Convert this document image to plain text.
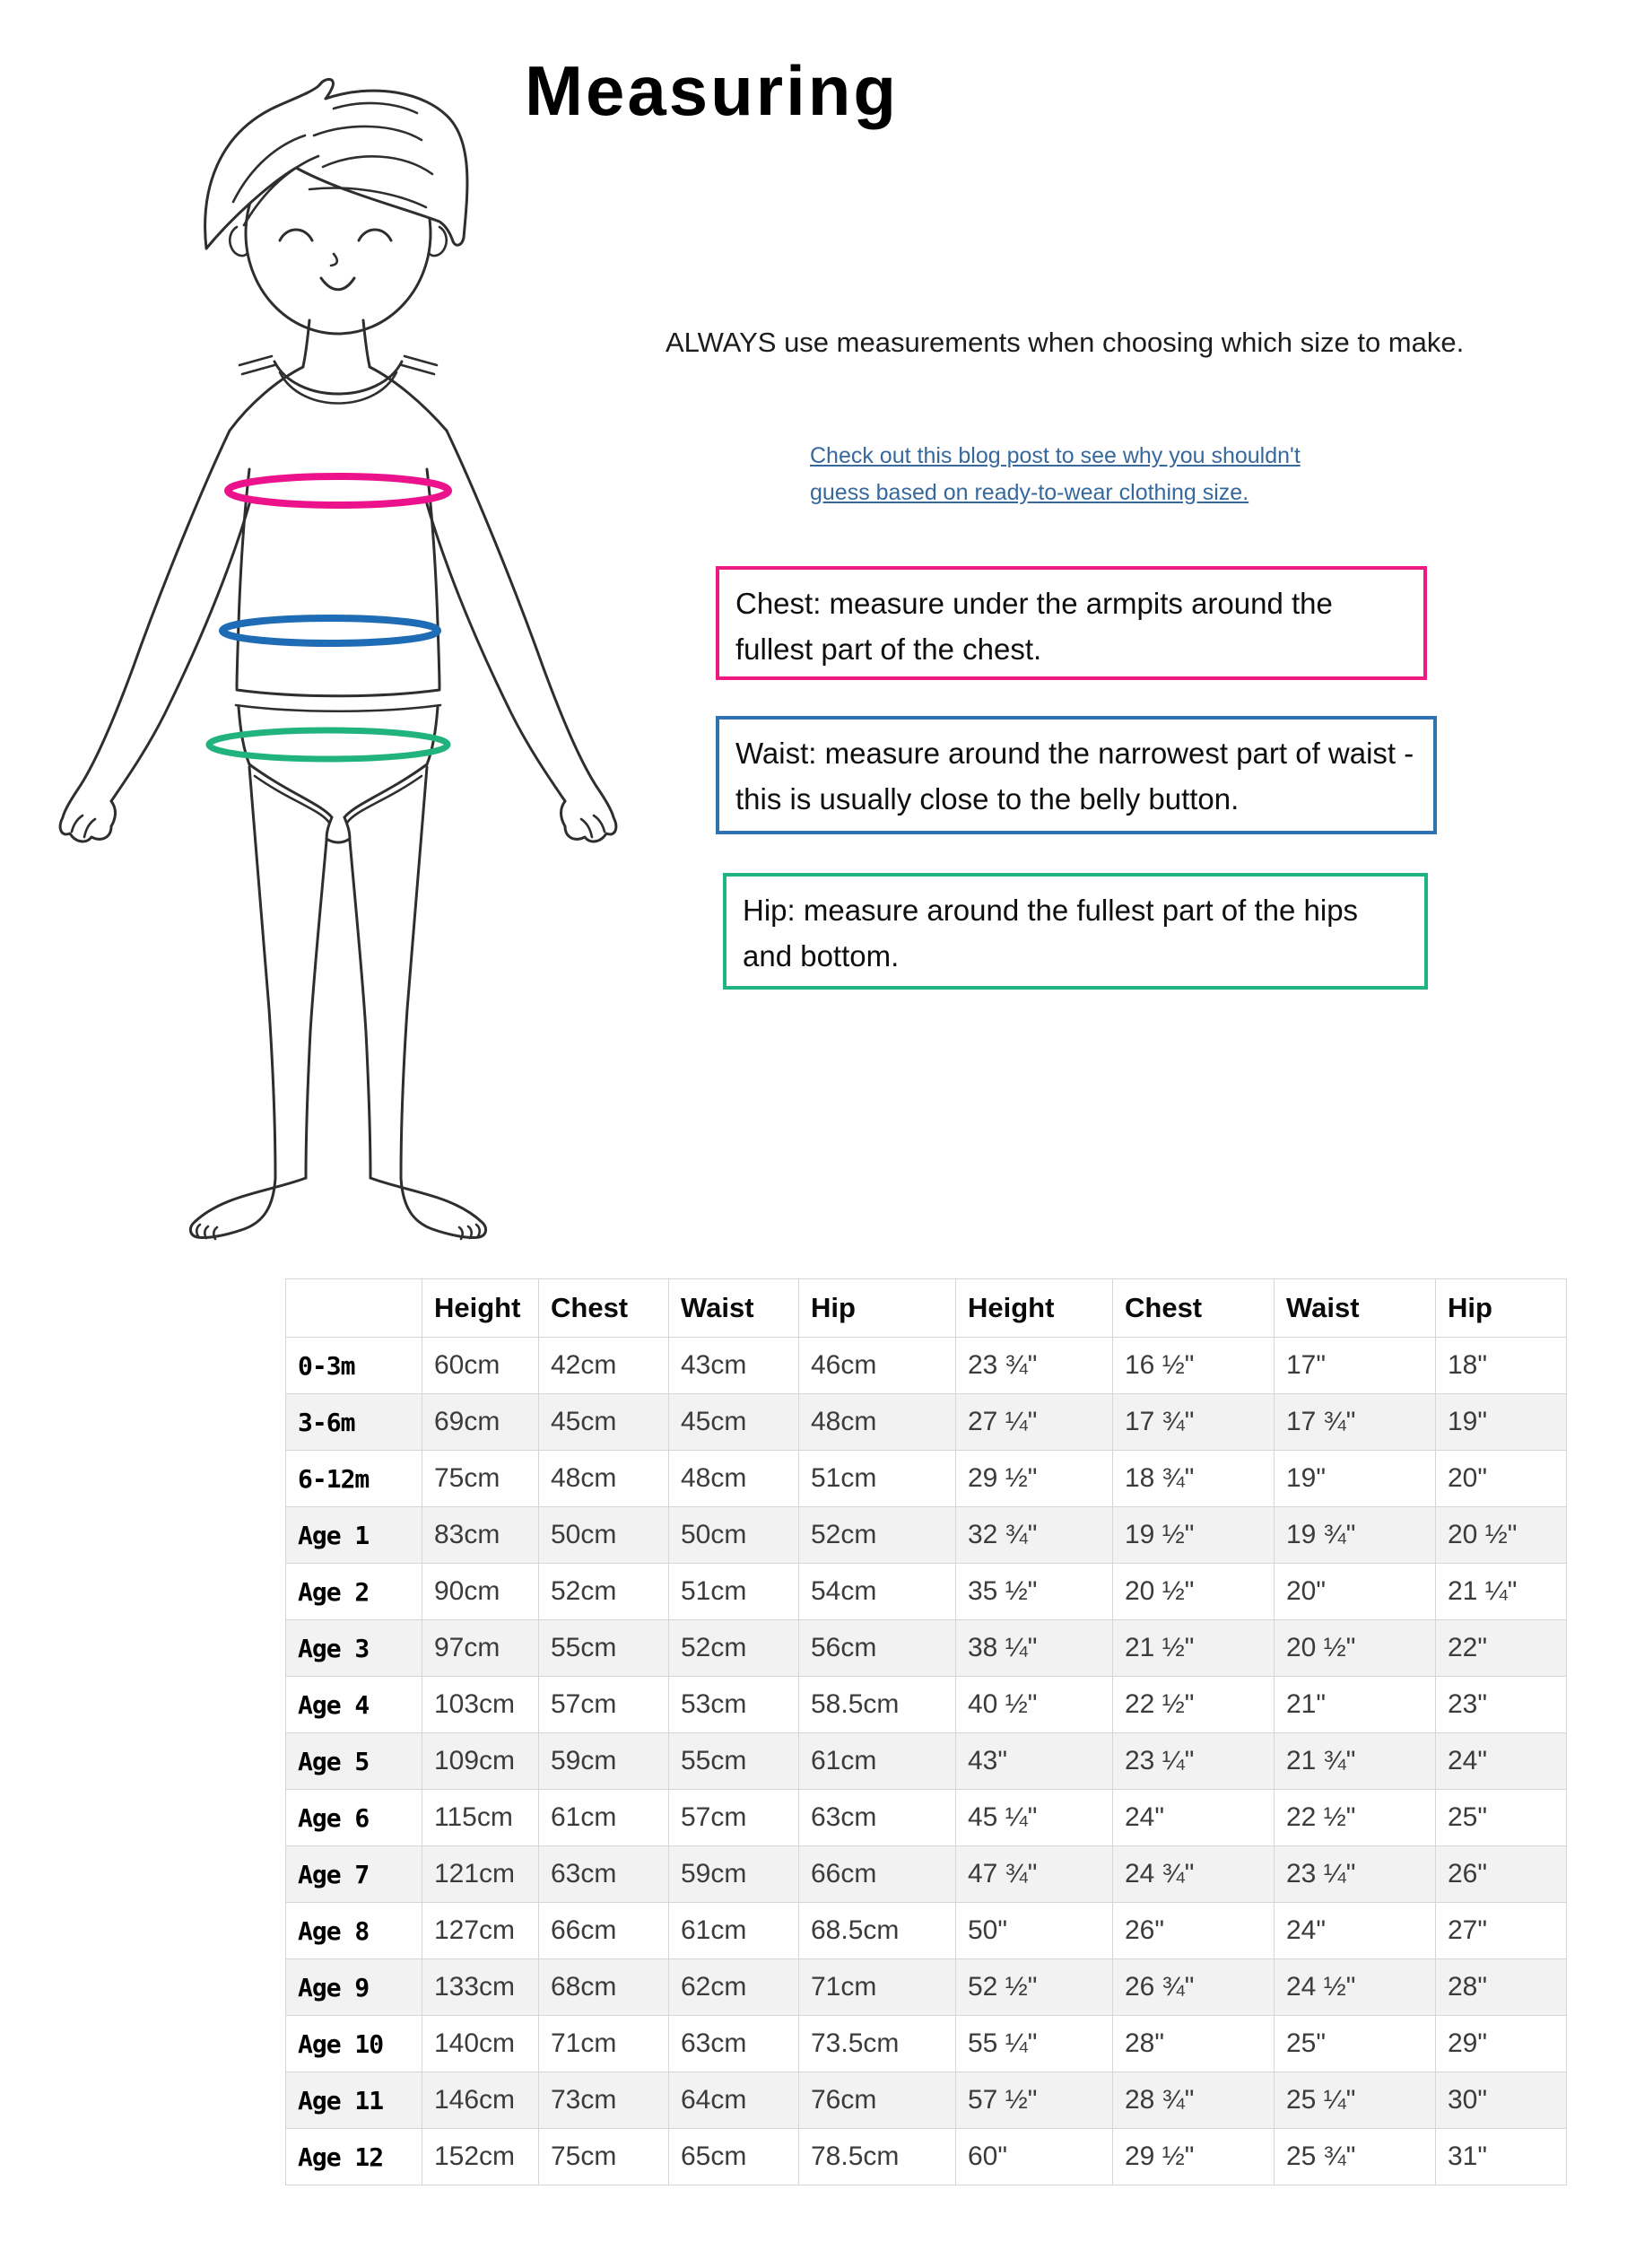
Measuring
ALWAYS use measurements when choosing which size to make.
Check out this blog post to see why you shouldn't
guess based on ready-to-wear clothing size.
Chest: measure under the armpits around the fullest part of the chest.
Waist: measure around the narrowest part of waist - this is usually close to the belly button.
Hip: measure around the fullest part of the hips and bottom.
	Height	Chest	Waist	Hip	Height	Chest	Waist	Hip
0-3m	60cm	42cm	43cm	46cm	23 ¾"	16 ½"	17"	18"
3-6m	69cm	45cm	45cm	48cm	27 ¼"	17 ¾"	17 ¾"	19"
6-12m	75cm	48cm	48cm	51cm	29 ½"	18 ¾"	19"	20"
Age 1	83cm	50cm	50cm	52cm	32 ¾"	19 ½"	19 ¾"	20 ½"
Age 2	90cm	52cm	51cm	54cm	35 ½"	20 ½"	20"	21 ¼"
Age 3	97cm	55cm	52cm	56cm	38 ¼"	21 ½"	20 ½"	22"
Age 4	103cm	57cm	53cm	58.5cm	40 ½"	22 ½"	21"	23"
Age 5	109cm	59cm	55cm	61cm	43"	23 ¼"	21 ¾"	24"
Age 6	115cm	61cm	57cm	63cm	45 ¼"	24"	22 ½"	25"
Age 7	121cm	63cm	59cm	66cm	47 ¾"	24 ¾"	23 ¼"	26"
Age 8	127cm	66cm	61cm	68.5cm	50"	26"	24"	27"
Age 9	133cm	68cm	62cm	71cm	52 ½"	26 ¾"	24 ½"	28"
Age 10	140cm	71cm	63cm	73.5cm	55 ¼"	28"	25"	29"
Age 11	146cm	73cm	64cm	76cm	57 ½"	28 ¾"	25 ¼"	30"
Age 12	152cm	75cm	65cm	78.5cm	60"	29 ½"	25 ¾"	31"
